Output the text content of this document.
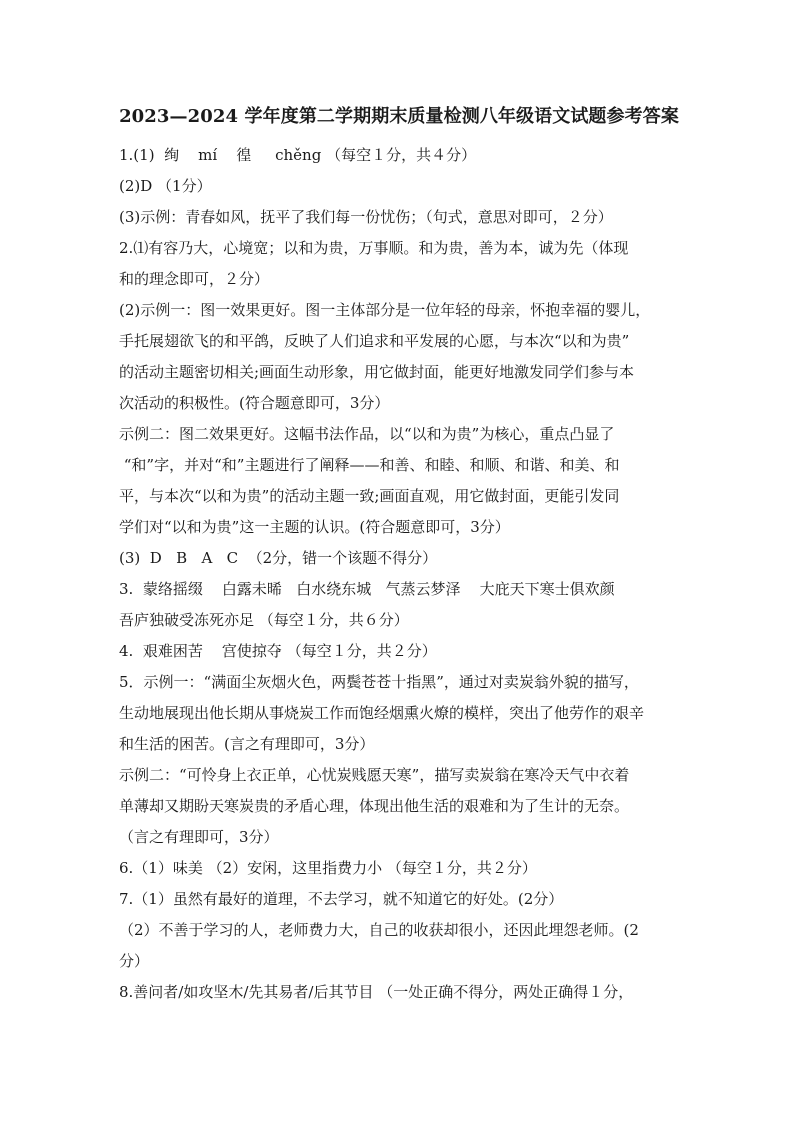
2023—2024 学年度第二学期期末质量检测八年级语文试题参考答案
1.(1)  绚    mí    徨     chěng （每空１分，共４分）
(2)D （1分）
(3)示例：青春如风，抚平了我们每一份忧伤；（句式，意思对即可，２分）
2.⑴有容乃大，心境宽；以和为贵，万事顺。和为贵，善为本，诚为先（体现
和的理念即可，２分）
(2)示例一：图一效果更好。图一主体部分是一位年轻的母亲，怀抱幸福的婴儿，
手托展翅欲飞的和平鸽，反映了人们追求和平发展的心愿，与本次“以和为贵”
的活动主题密切相关;画面生动形象，用它做封面，能更好地激发同学们参与本
次活动的积极性。(符合题意即可，3分）
示例二：图二效果更好。这幅书法作品，以“以和为贵”为核心，重点凸显了
“和”字，并对“和”主题进行了阐释——和善、和睦、和顺、和谐、和美、和
平，与本次“以和为贵”的活动主题一致;画面直观，用它做封面，更能引发同
学们对“以和为贵”这一主题的认识。(符合题意即可，3分）
(3)  D   B   A   C  （2分，错一个该题不得分）
3.  蒙络摇缀    白露未晞   白水绕东城   气蒸云梦泽    大庇天下寒士俱欢颜
吾庐独破受冻死亦足 （每空１分，共６分）
4.  艰难困苦    宫使掠夺 （每空１分，共２分）
5．示例一：“满面尘灰烟火色，两鬓苍苍十指黑”，通过对卖炭翁外貌的描写，
生动地展现出他长期从事烧炭工作而饱经烟熏火燎的模样，突出了他劳作的艰辛
和生活的困苦。(言之有理即可，3分）
示例二：“可怜身上衣正单，心忧炭贱愿天寒”，描写卖炭翁在寒冷天气中衣着
单薄却又期盼天寒炭贵的矛盾心理，体现出他生活的艰难和为了生计的无奈。
（言之有理即可，3分）
6.（1）味美 （2）安闲，这里指费力小 （每空１分，共２分）
7.（1）虽然有最好的道理，不去学习，就不知道它的好处。(2分）
（2）不善于学习的人，老师费力大，自己的收获却很小，还因此埋怨老师。(2
分）
8.善问者/如攻坚木/先其易者/后其节目 （一处正确不得分，两处正确得１分，
